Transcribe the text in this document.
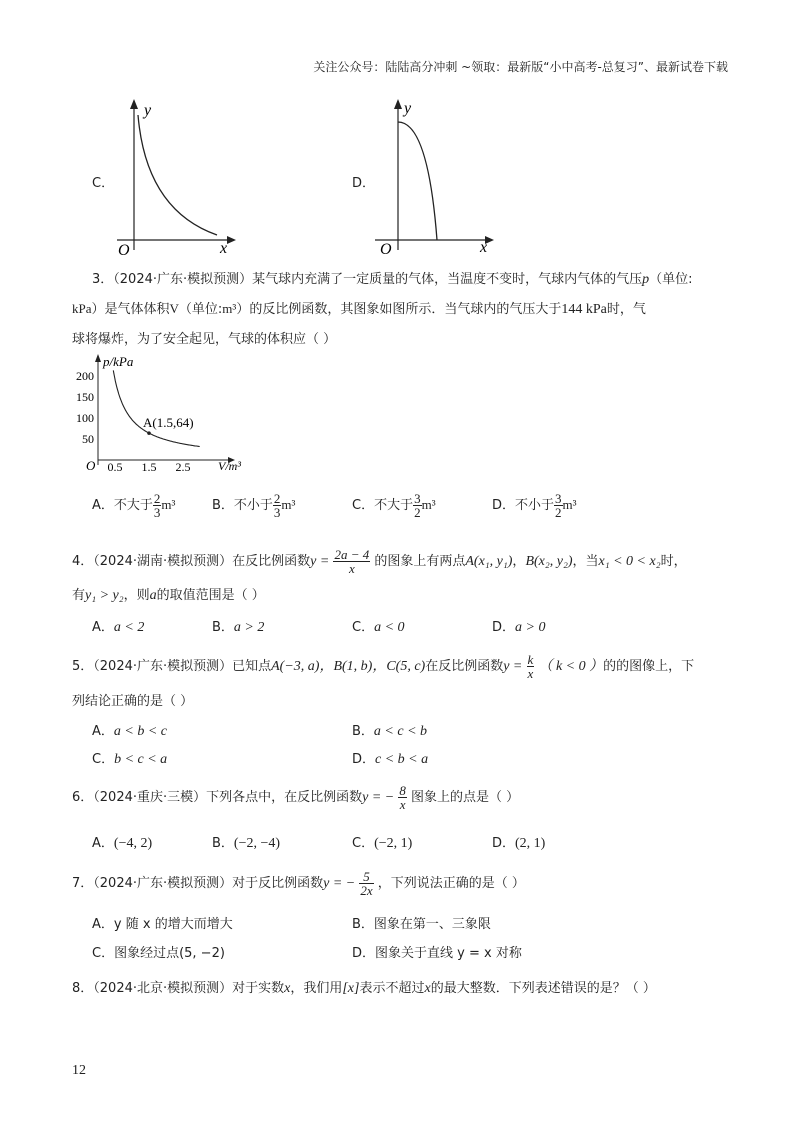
关注公众号：陆陆高分冲刺 ~领取：最新版“小中高考-总复习”、最新试卷下载
C．
y
x
O
D．
y
x
O
3．（2024·广东·模拟预测）某气球内充满了一定质量的气体，当温度不变时，气球内气体的气压p（单位:
kPa）是气体体积V（单位:m³）的反比例函数，其图象如图所示．当气球内的气压大于144 kPa时，气
球将爆炸，为了安全起见，气球的体积应（ ）
p/kPa
V/m³
O
50
100
150
200
0.5 1.5 2.5
A(1.5,64)
A．不大于 $\frac{2}{3} m^3$	B．不小于 $\frac{2}{3} m^3$	C．不大于 $\frac{3}{2} m^3$	D．不小于 $\frac{3}{2} m^3$
4．（2024·湖南·模拟预测）在反比例函数$y = \frac{2a - 4}{x}$ 的图象上有两点A(x₁, y₁)，B(x₂, y₂)，当x₁ < 0 < x₂时，
有y₁ > y₂，则a的取值范围是（ ）
A．a < 2	B．a > 2	C．a < 0	D．a > 0
5．（2024·广东·模拟预测）已知点A(−3, a)，B(1, b)，C(5, c)在反比例函数$y = \frac{k}{x}$ （ k < 0 ）的的图像上，下
列结论正确的是（ ）
A．a < b < c	B．a < c < b
C．b < c < a	D．c < b < a
6．（2024·重庆·三模）下列各点中，在反比例函数y = − $\frac{8}{x}$ 图象上的点是（ ）
A．(−4, 2)	B．(−2, −4)	C．(−2, 1)	D．(2, 1)
7．（2024·广东·模拟预测）对于反比例函数y = − $\frac{5}{2x}$ ，下列说法正确的是（ ）
A．y 随 x 的增大而增大	B．图象在第一、三象限
C．图象经过点(5, −2)	D．图象关于直线 y = x 对称
8．（2024·北京·模拟预测）对于实数x，我们用[x]表示不超过x的最大整数．下列表述错误的是？（ ）
12
